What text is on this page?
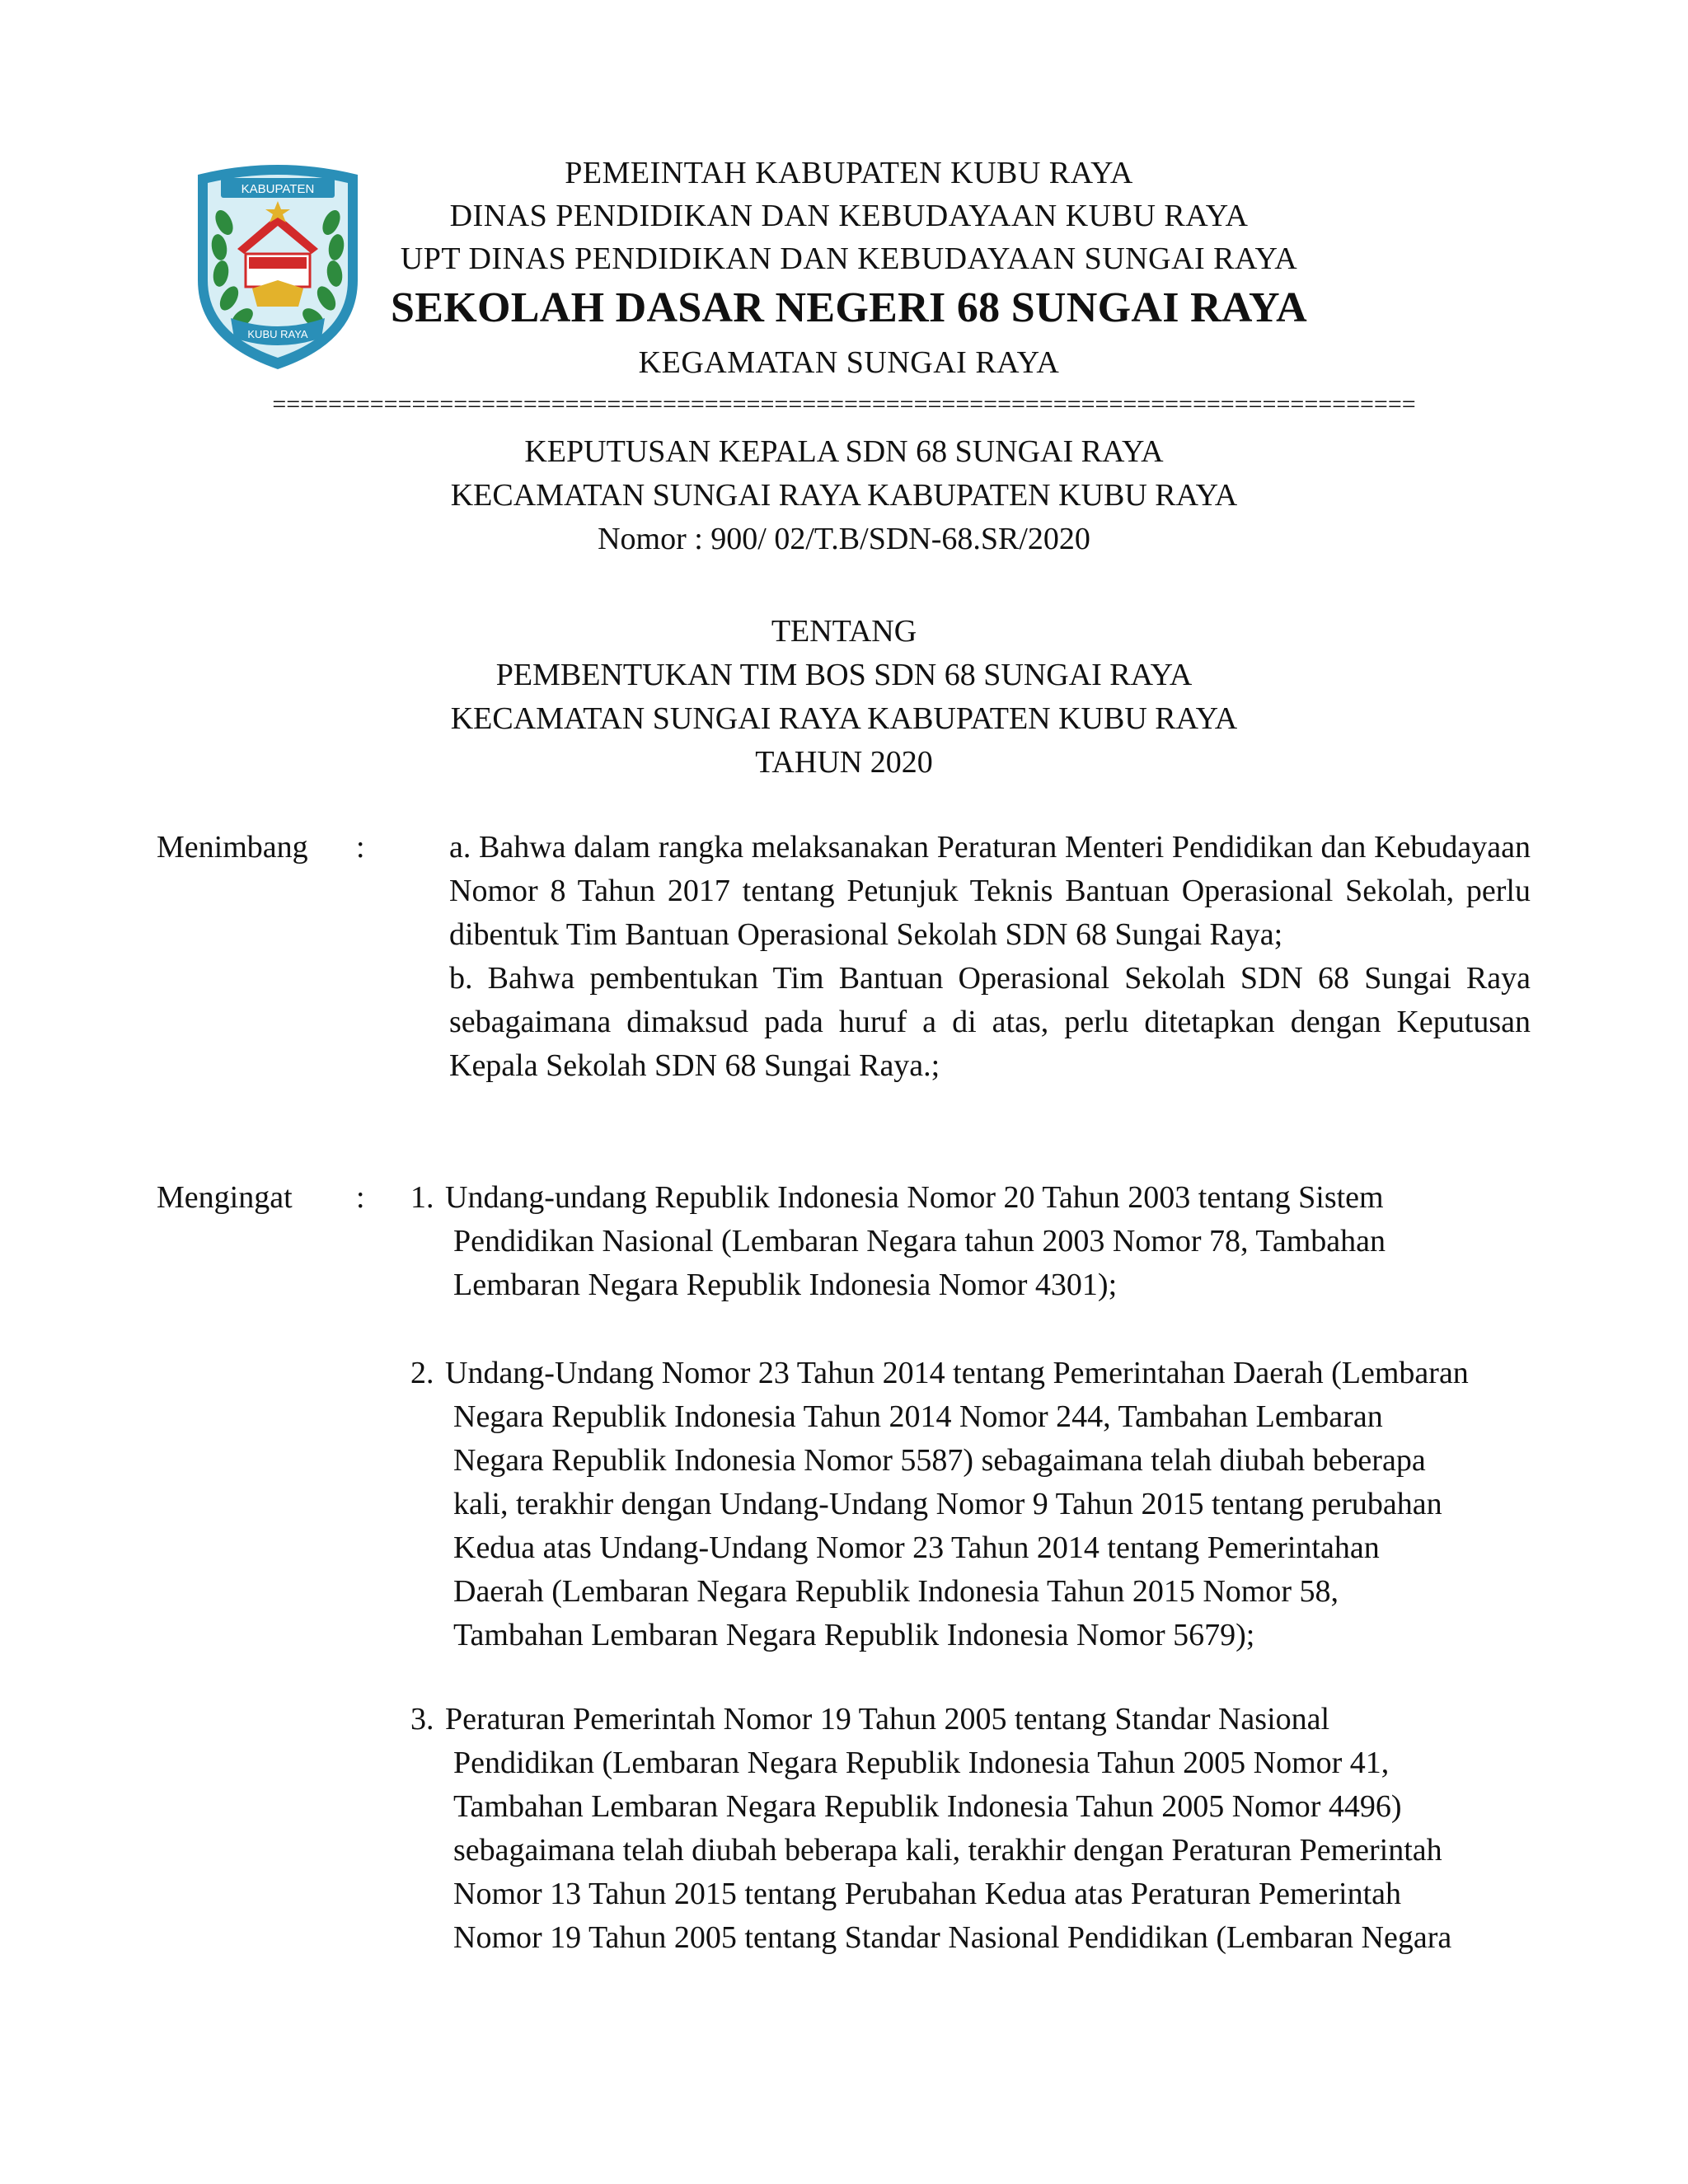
KABUPATEN
KUBU RAYA
PEMEINTAH KABUPATEN KUBU RAYA
DINAS PENDIDIKAN DAN KEBUDAYAAN KUBU RAYA
UPT DINAS PENDIDIKAN DAN KEBUDAYAAN SUNGAI RAYA
SEKOLAH DASAR NEGERI 68 SUNGAI RAYA
KEGAMATAN SUNGAI RAYA
==================================================================================
KEPUTUSAN KEPALA SDN 68 SUNGAI RAYA
KECAMATAN SUNGAI RAYA KABUPATEN KUBU RAYA
Nomor : 900/ 02/T.B/SDN-68.SR/2020
TENTANG
PEMBENTUKAN TIM BOS SDN 68 SUNGAI RAYA
KECAMATAN SUNGAI RAYA KABUPATEN KUBU RAYA
TAHUN 2020
Menimbang :	a. Bahwa dalam rangka melaksanakan Peraturan Menteri Pendidikan dan Kebudayaan Nomor 8 Tahun 2017 tentang Petunjuk Teknis Bantuan Operasional Sekolah, perlu dibentuk Tim Bantuan Operasional Sekolah SDN 68 Sungai Raya;

b. Bahwa pembentukan Tim Bantuan Operasional Sekolah SDN 68 Sungai Raya sebagaimana dimaksud pada huruf a di atas, perlu ditetapkan dengan Keputusan Kepala Sekolah SDN 68 Sungai Raya.;

Mengingat : 1. Undang-undang Republik Indonesia Nomor 20 Tahun 2003 tentang Sistem
Pendidikan Nasional (Lembaran Negara tahun 2003 Nomor 78, Tambahan
Lembaran Negara Republik Indonesia Nomor 4301);
2. Undang-Undang Nomor 23 Tahun 2014 tentang Pemerintahan Daerah (Lembaran
Negara Republik Indonesia Tahun 2014 Nomor 244, Tambahan Lembaran
Negara Republik Indonesia Nomor 5587) sebagaimana telah diubah beberapa
kali, terakhir dengan Undang-Undang Nomor 9 Tahun 2015 tentang perubahan
Kedua atas Undang-Undang Nomor 23 Tahun 2014 tentang Pemerintahan
Daerah (Lembaran Negara Republik Indonesia Tahun 2015 Nomor 58,
Tambahan Lembaran Negara Republik Indonesia Nomor 5679);
3. Peraturan Pemerintah Nomor 19 Tahun 2005 tentang Standar Nasional
Pendidikan (Lembaran Negara Republik Indonesia Tahun 2005 Nomor 41,
Tambahan Lembaran Negara Republik Indonesia Tahun 2005 Nomor 4496)
sebagaimana telah diubah beberapa kali, terakhir dengan Peraturan Pemerintah
Nomor 13 Tahun 2015 tentang Perubahan Kedua atas Peraturan Pemerintah
Nomor 19 Tahun 2005 tentang Standar Nasional Pendidikan (Lembaran Negara
